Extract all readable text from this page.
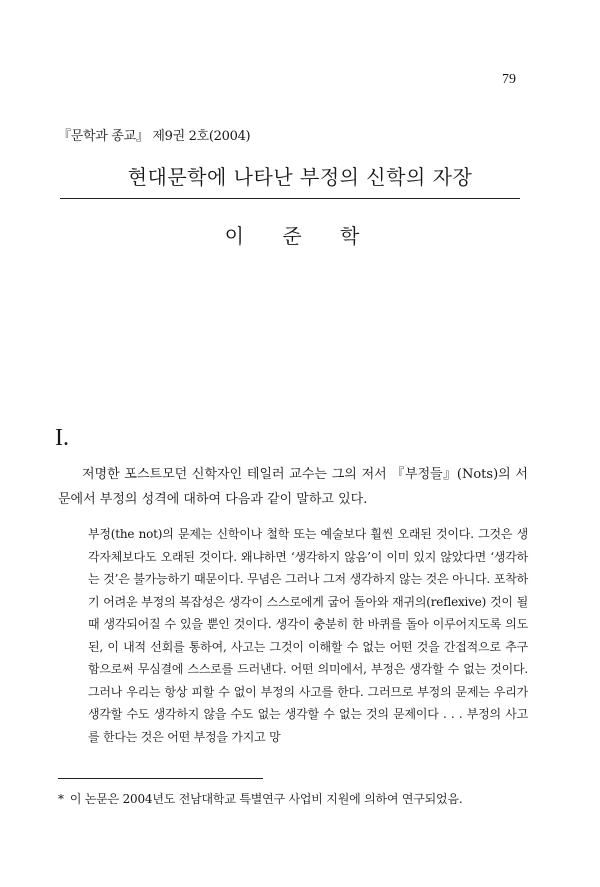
79
『문학과 종교』 제9권 2호(2004)
현대문학에 나타난 부정의 신학의 자장
이 준 학
I.

저명한 포스트모던 신학자인 테일러 교수는 그의 저서 『부정들』(Nots)의 서문에서 부정의 성격에 대하여 다음과 같이 말하고 있다.

부정(the not)의 문제는 신학이나 철학 또는 예술보다 훨씬 오래된 것이다. 그것은 생각자체보다도 오래된 것이다. 왜냐하면 ‘생각하지 않음’이 이미 있지 않았다면 ‘생각하는 것’은 불가능하기 때문이다. 무념은 그러나 그저 생각하지 않는 것은 아니다. 포착하기 어려운 부정의 복잡성은 생각이 스스로에게 굽어 돌아와 재귀의(reflexive) 것이 될 때 생각되어질 수 있을 뿐인 것이다. 생각이 충분히 한 바퀴를 돌아 이루어지도록 의도된, 이 내적 선회를 통하여, 사고는 그것이 이해할 수 없는 어떤 것을 간접적으로 추구함으로써 무심결에 스스로를 드러낸다. 어떤 의미에서, 부정은 생각할 수 없는 것이다. 그러나 우리는 항상 피할 수 없이 부정의 사고를 한다. 그러므로 부정의 문제는 우리가 생각할 수도 생각하지 않을 수도 없는 생각할 수 없는 것의 문제이다 . . . 부정의 사고를 한다는 것은 어떤 부정을 가지고 망

* 이 논문은 2004년도 전남대학교 특별연구 사업비 지원에 의하여 연구되었음.
